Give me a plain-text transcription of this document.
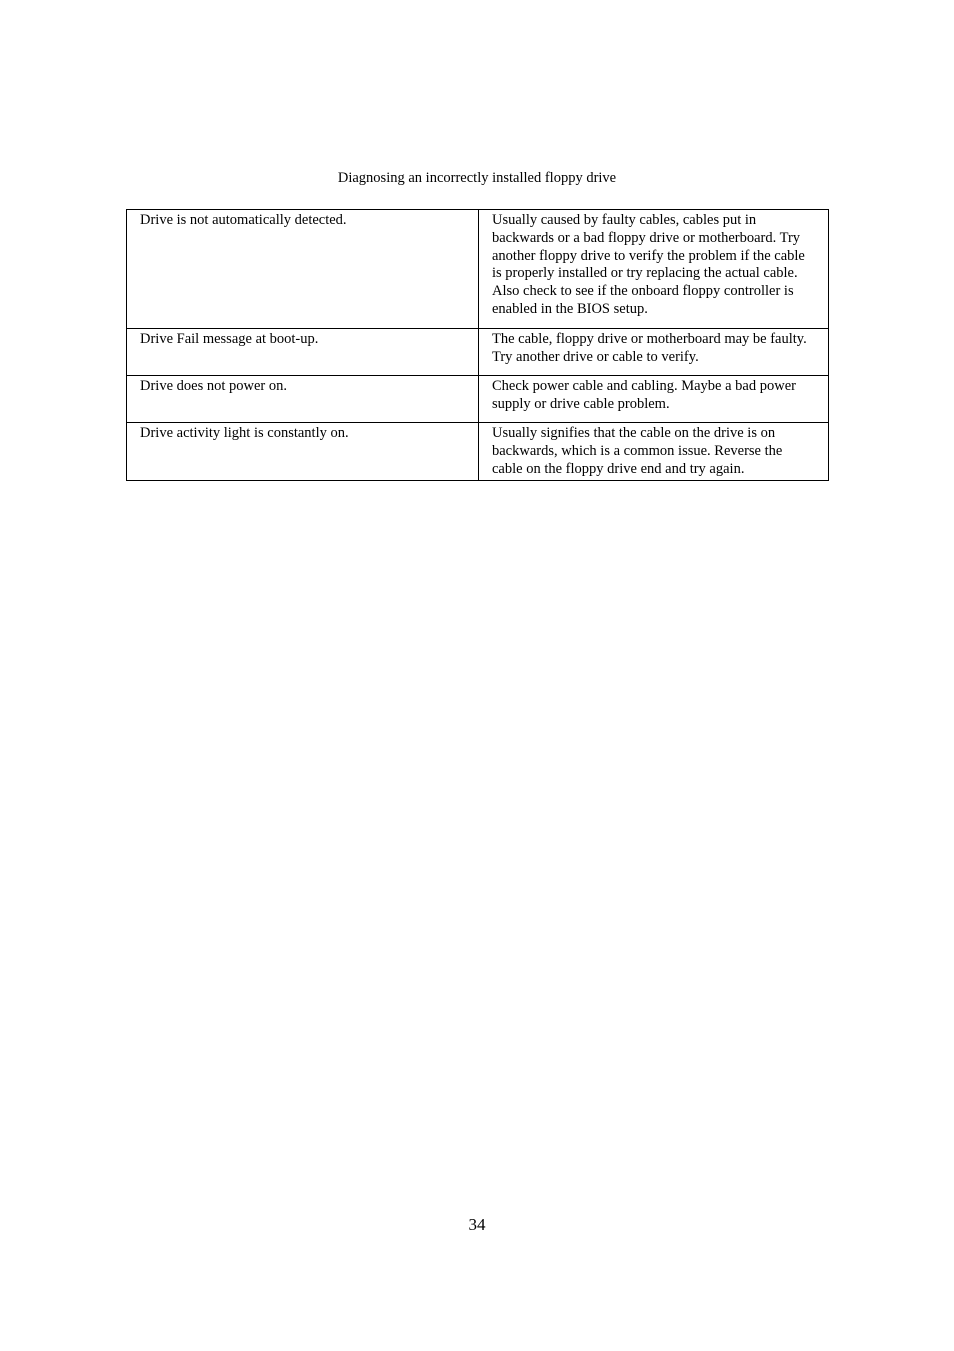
Diagnosing an incorrectly installed floppy drive
Drive is not automatically detected.	Usually caused by faulty cables, cables put in backwards or a bad floppy drive or motherboard. Try another floppy drive to verify the problem if the cable is properly installed or try replacing the actual cable. Also check to see if the onboard floppy controller is enabled in the BIOS setup.
Drive Fail message at boot-up.	The cable, floppy drive or motherboard may be faulty. Try another drive or cable to verify.
Drive does not power on.	Check power cable and cabling. Maybe a bad power supply or drive cable problem.
Drive activity light is constantly on.	Usually signifies that the cable on the drive is on backwards, which is a common issue. Reverse the cable on the floppy drive end and try again.
34
